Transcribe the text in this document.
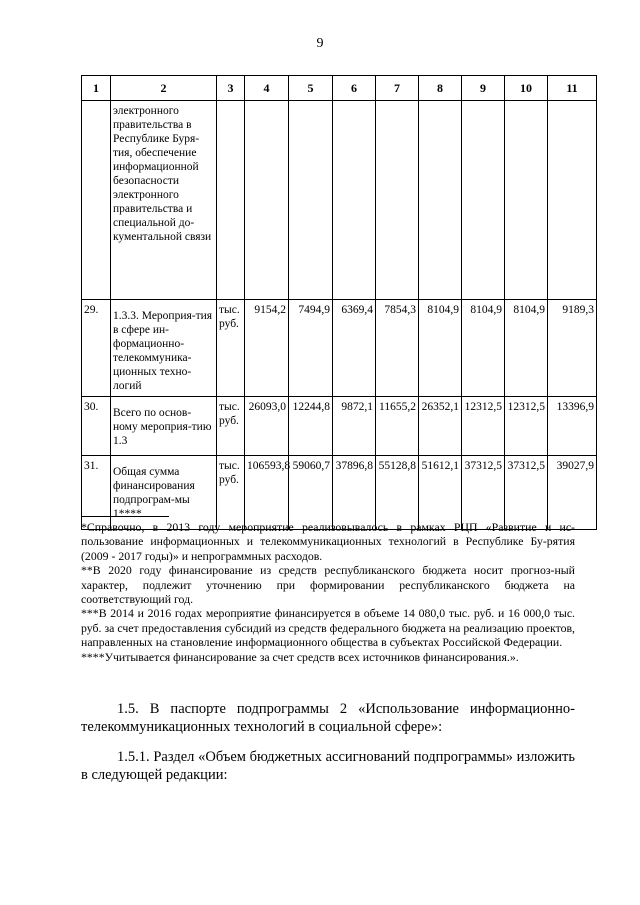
9
1	2	3	4	5	6	7	8	9	10	11
	электронного правительства в Республике Буря-тия, обеспечение информационной безопасности электронного правительства и специальной до-кументальной связи									
29.	1.3.3. Мероприя-тия в сфере ин-формационно-телекоммуника-ционных техно-логий	тыс. руб.	9154,2	7494,9	6369,4	7854,3	8104,9	8104,9	8104,9	9189,3
30.	Всего по основ-ному мероприя-тию 1.3	тыс. руб.	26093,0	12244,8	9872,1	11655,2	26352,1	12312,5	12312,5	13396,9
31.	Общая сумма финансирования подпрограм-мы 1****	тыс. руб.	106593,8	59060,7	37896,8	55128,8	51612,1	37312,5	37312,5	39027,9

*Справочно, в 2013 году мероприятие реализовывалось в рамках РЦП «Развитие и ис-пользование информационных и телекоммуникационных технологий в Республике Бу-рятия (2009 - 2017 годы)» и непрограммных расходов.

**В 2020 году финансирование из средств республиканского бюджета носит прогноз-ный характер, подлежит уточнению при формировании республиканского бюджета на соответствующий год.

***В 2014 и 2016 годах мероприятие финансируется в объеме 14 080,0 тыс. руб. и 16 000,0 тыс. руб. за счет предоставления субсидий из средств федерального бюджета на реализацию проектов, направленных на становление информационного общества в субъектах Российской Федерации.

****Учитывается финансирование за счет средств всех источников финансирования.».

1.5. В паспорте подпрограммы 2 «Использование информационно-телекоммуникационных технологий в социальной сфере»:

1.5.1. Раздел «Объем бюджетных ассигнований подпрограммы» изложить в следующей редакции:
